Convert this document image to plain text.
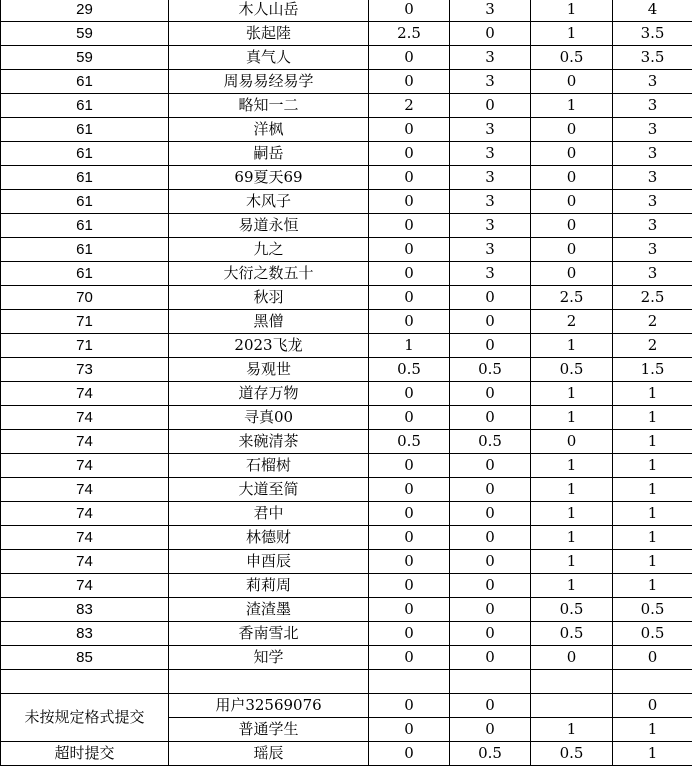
29	木人山岳	0	3	1	4
59	张起陸	2.5	0	1	3.5
59	真气人	0	3	0.5	3.5
61	周易易经易学	0	3	0	3
61	略知一二	2	0	1	3
61	洋枫	0	3	0	3
61	嗣岳	0	3	0	3
61	69夏天69	0	3	0	3
61	木风子	0	3	0	3
61	易道永恒	0	3	0	3
61	九之	0	3	0	3
61	大衍之数五十	0	3	0	3
70	秋羽	0	0	2.5	2.5
71	黑僧	0	0	2	2
71	2023飞龙	1	0	1	2
73	易观世	0.5	0.5	0.5	1.5
74	道存万物	0	0	1	1
74	寻真00	0	0	1	1
74	来碗清茶	0.5	0.5	0	1
74	石榴树	0	0	1	1
74	大道至简	0	0	1	1
74	君中	0	0	1	1
74	林德财	0	0	1	1
74	申酉辰	0	0	1	1
74	莉莉周	0	0	1	1
83	渣渣墨	0	0	0.5	0.5
83	香南雪北	0	0	0.5	0.5
85	知学	0	0	0	0

未按规定格式提交	用户32569076	0	0		0
	普通学生	0	0	1	1
超时提交	瑶辰	0	0.5	0.5	1
